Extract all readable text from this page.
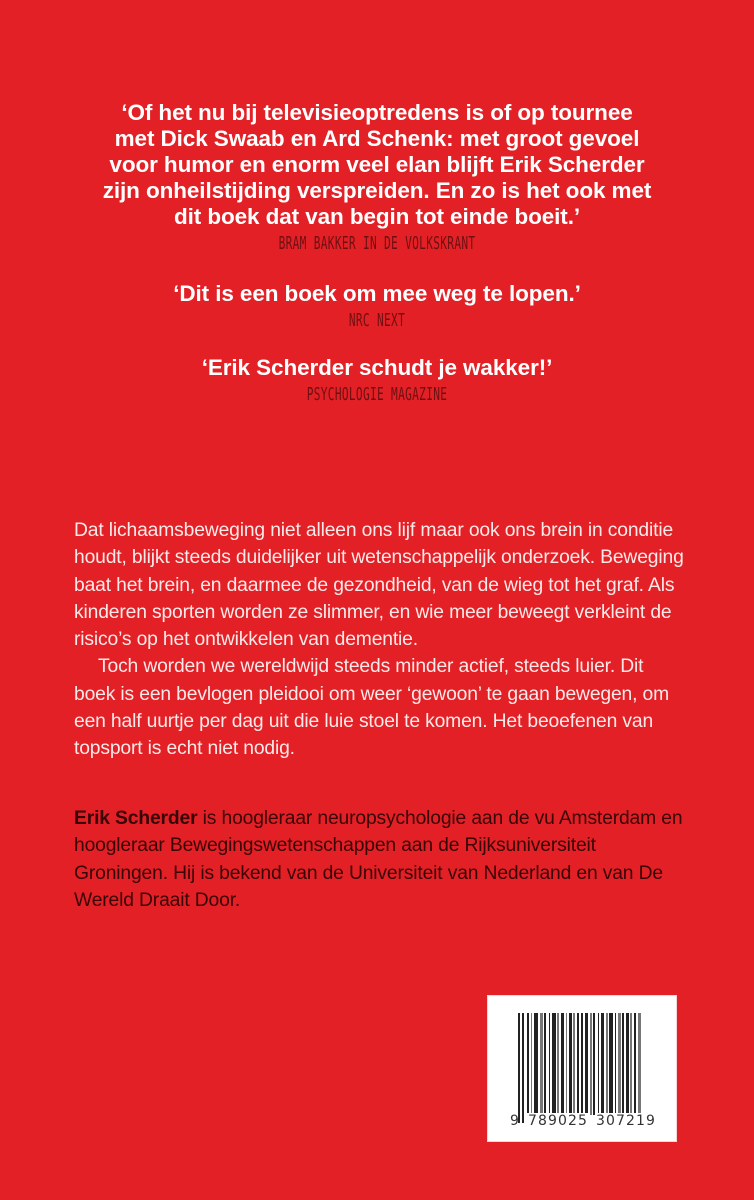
‘Of het nu bij televisieoptredens is of op tournee

met Dick Swaab en Ard Schenk: met groot gevoel

voor humor en enorm veel elan blijft Erik Scherder

zijn onheilstijding verspreiden. En zo is het ook met

dit boek dat van begin tot einde boeit.’

BRAM BAKKER IN DE VOLKSKRANT

‘Dit is een boek om mee weg te lopen.’

NRC NEXT

‘Erik Scherder schudt je wakker!’

PSYCHOLOGIE MAGAZINE

Dat lichaamsbeweging niet alleen ons lijf maar ook ons brein in conditie houdt, blijkt steeds duidelijker uit wetenschappelijk onderzoek. Beweging baat het brein, en daarmee de gezondheid, van de wieg tot het graf. Als kinderen sporten worden ze slimmer, en wie meer beweegt verkleint de risico’s op het ontwikkelen van dementie.

Toch worden we wereldwijd steeds minder actief, steeds luier. Dit boek is een bevlogen pleidooi om weer ‘gewoon’ te gaan bewegen, om een half uurtje per dag uit die luie stoel te komen. Het beoefenen van topsport is echt niet nodig.

Erik Scherder is hoogleraar neuropsychologie aan de vu Amsterdam en hoogleraar Bewegingswetenschappen aan de Rijksuniversiteit Groningen. Hij is bekend van de Universiteit van Nederland en van De Wereld Draait Door.

9 789025 307219
